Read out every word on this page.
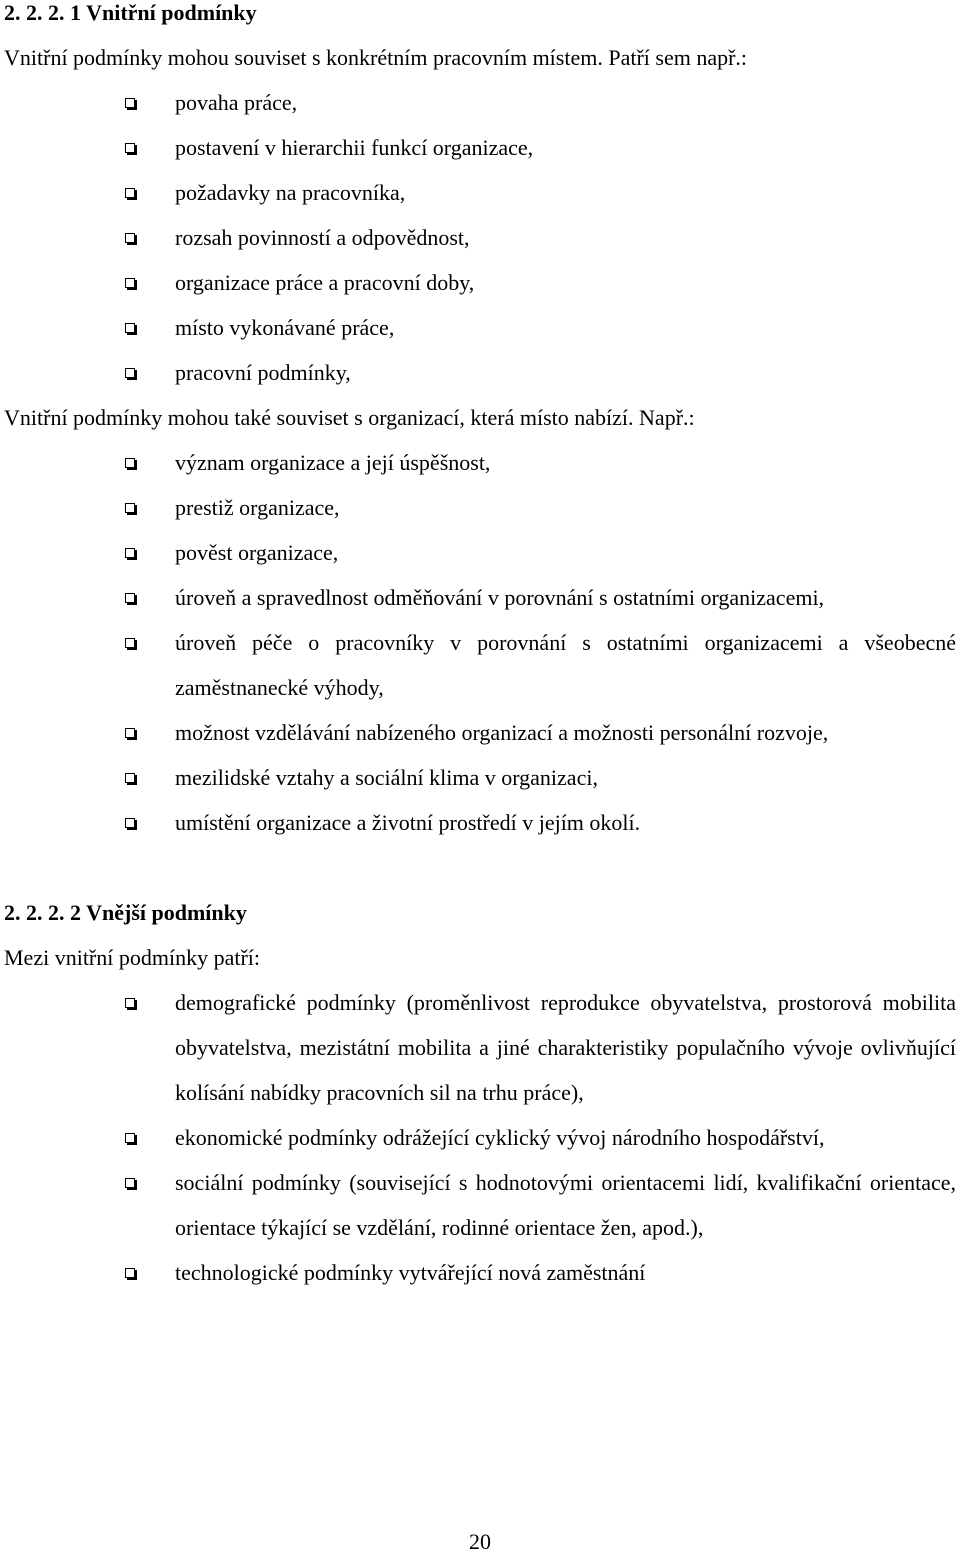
2. 2. 2. 1 Vnitřní podmínky

Vnitřní podmínky mohou souviset s konkrétním pracovním místem. Patří sem např.:

povaha práce,
postavení v hierarchii funkcí organizace,
požadavky na pracovníka,
rozsah povinností a odpovědnost,
organizace práce a pracovní doby,
místo vykonávané práce,
pracovní podmínky,

Vnitřní podmínky mohou také souviset s organizací, která místo nabízí. Např.:

význam organizace a její úspěšnost,
prestiž organizace,
pověst organizace,
úroveň a spravedlnost odměňování v porovnání s ostatními organizacemi,
úroveň péče o pracovníky v porovnání s ostatními organizacemi a všeobecné zaměstnanecké výhody,
možnost vzdělávání nabízeného organizací a možnosti personální rozvoje,
mezilidské vztahy a sociální klima v organizaci,
umístění organizace a životní prostředí v jejím okolí.

2. 2. 2. 2 Vnější podmínky

Mezi vnitřní podmínky patří:

demografické podmínky (proměnlivost reprodukce obyvatelstva, prostorová mobilita obyvatelstva, mezistátní mobilita a jiné charakteristiky populačního vývoje ovlivňující kolísání nabídky pracovních sil na trhu práce),
ekonomické podmínky odrážející cyklický vývoj národního hospodářství,
sociální podmínky (související s hodnotovými orientacemi lidí, kvalifikační orientace, orientace týkající se vzdělání, rodinné orientace žen, apod.),
technologické podmínky vytvářející nová zaměstnání
20
